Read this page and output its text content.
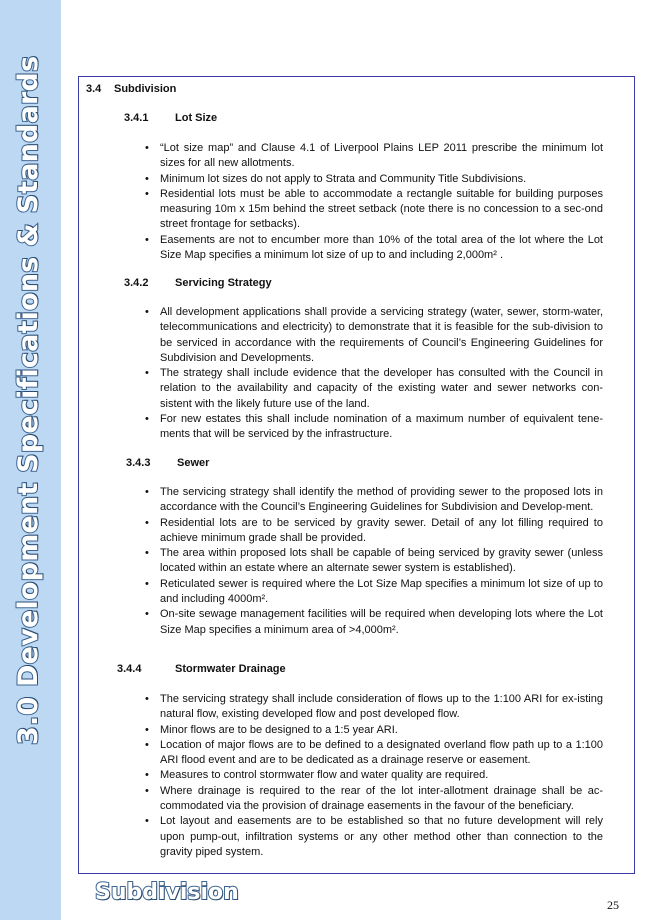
3.0 Development Specifications & Standards	3.4 Subdivision
3.4.1 Lot Size
• “Lot size map” and Clause 4.1 of Liverpool Plains LEP 2011 prescribe the minimum lot sizes for all new allotments.
• Minimum lot sizes do not apply to Strata and Community Title Subdivisions.
• Residential lots must be able to accommodate a rectangle suitable for building purposes measuring 10m x 15m behind the street setback (note there is no concession to a sec-ond street frontage for setbacks).
• Easements are not to encumber more than 10% of the total area of the lot where the Lot Size Map specifies a minimum lot size of up to and including 2,000m² .
3.4.2 Servicing Strategy
• All development applications shall provide a servicing strategy (water, sewer, storm-water, telecommunications and electricity) to demonstrate that it is feasible for the sub-division to be serviced in accordance with the requirements of Council’s Engineering Guidelines for Subdivision and Developments.
• The strategy shall include evidence that the developer has consulted with the Council in relation to the availability and capacity of the existing water and sewer networks con-sistent with the likely future use of the land.
• For new estates this shall include nomination of a maximum number of equivalent tene-ments that will be serviced by the infrastructure.
3.4.3 Sewer
• The servicing strategy shall identify the method of providing sewer to the proposed lots in accordance with the Council’s Engineering Guidelines for Subdivision and Develop-ment.
• Residential lots are to be serviced by gravity sewer. Detail of any lot filling required to achieve minimum grade shall be provided.
• The area within proposed lots shall be capable of being serviced by gravity sewer (unless located within an estate where an alternate sewer system is established).
• Reticulated sewer is required where the Lot Size Map specifies a minimum lot size of up to and including 4000m².
• On-site sewage management facilities will be required when developing lots where the Lot Size Map specifies a minimum area of >4,000m².
3.4.4	Stormwater Drainage
• The servicing strategy shall include consideration of flows up to the 1:100 ARI for ex-isting natural flow, existing developed flow and post developed flow.
• Minor flows are to be designed to a 1:5 year ARI.
• Location of major flows are to be defined to a designated overland flow path up to a 1:100 ARI flood event and are to be dedicated as a drainage reserve or easement.
• Measures to control stormwater flow and water quality are required.
• Where drainage is required to the rear of the lot inter-allotment drainage shall be ac-commodated via the provision of drainage easements in the favour of the beneficiary.
• Lot layout and easements are to be established so that no future development will rely upon pump-out, infiltration systems or any other method other than connection to the gravity piped system.
Subdivision	25
